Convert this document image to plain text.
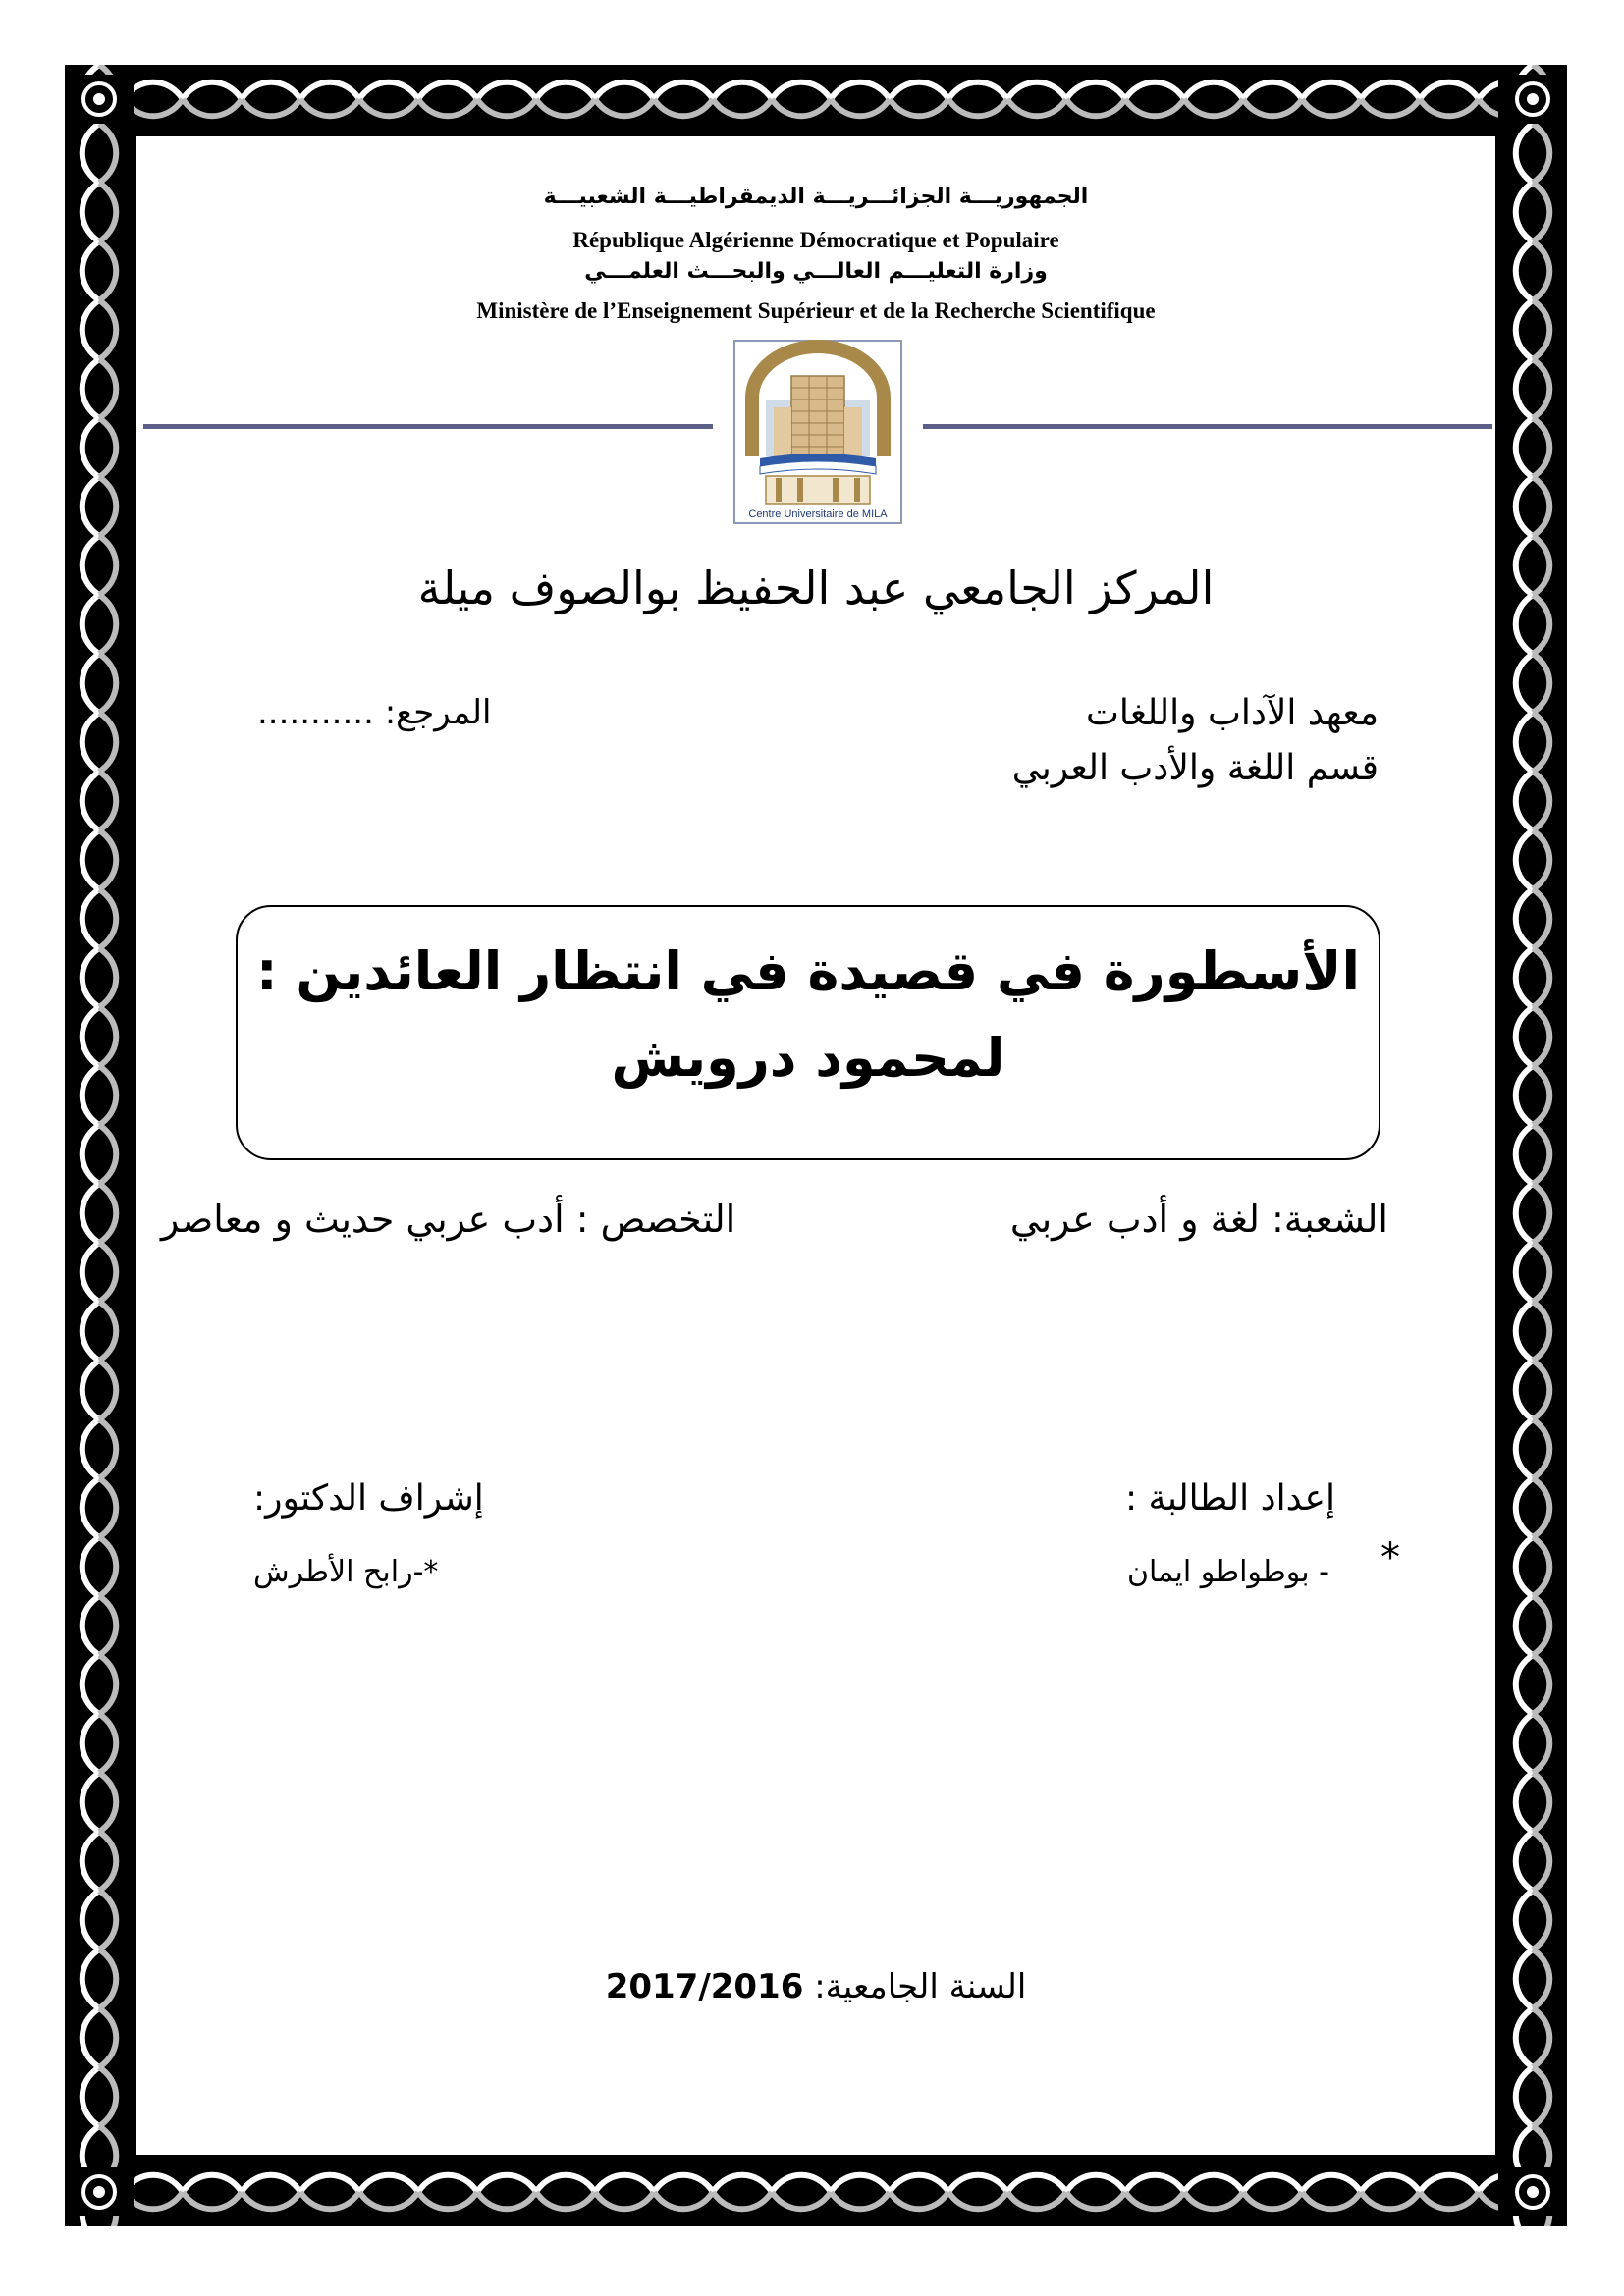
الجمهوريـــة الجزائـــريـــة الديمقراطيـــة الشعبيـــة
République Algérienne Démocratique et Populaire
وزارة التعليـــم العالـــي والبحـــث العلمـــي
Ministère de l’Enseignement Supérieur et de la Recherche Scientifique
Centre Universitaire de MILA
المركز الجامعي عبد الحفيظ بوالصوف ميلة
معهد الآداب واللغات
قسم اللغة والأدب العربي
المرجع: ...........
الأسطورة في قصيدة في انتظار العائدين :
لمحمود درويش
الشعبة: لغة و أدب عربي
التخصص : أدب عربي حديث و معاصر
إعداد الطالبة :
إشراف الدكتور:
*
- بوطواطو ايمان
*-رابح الأطرش
السنة الجامعية: 2017/2016
